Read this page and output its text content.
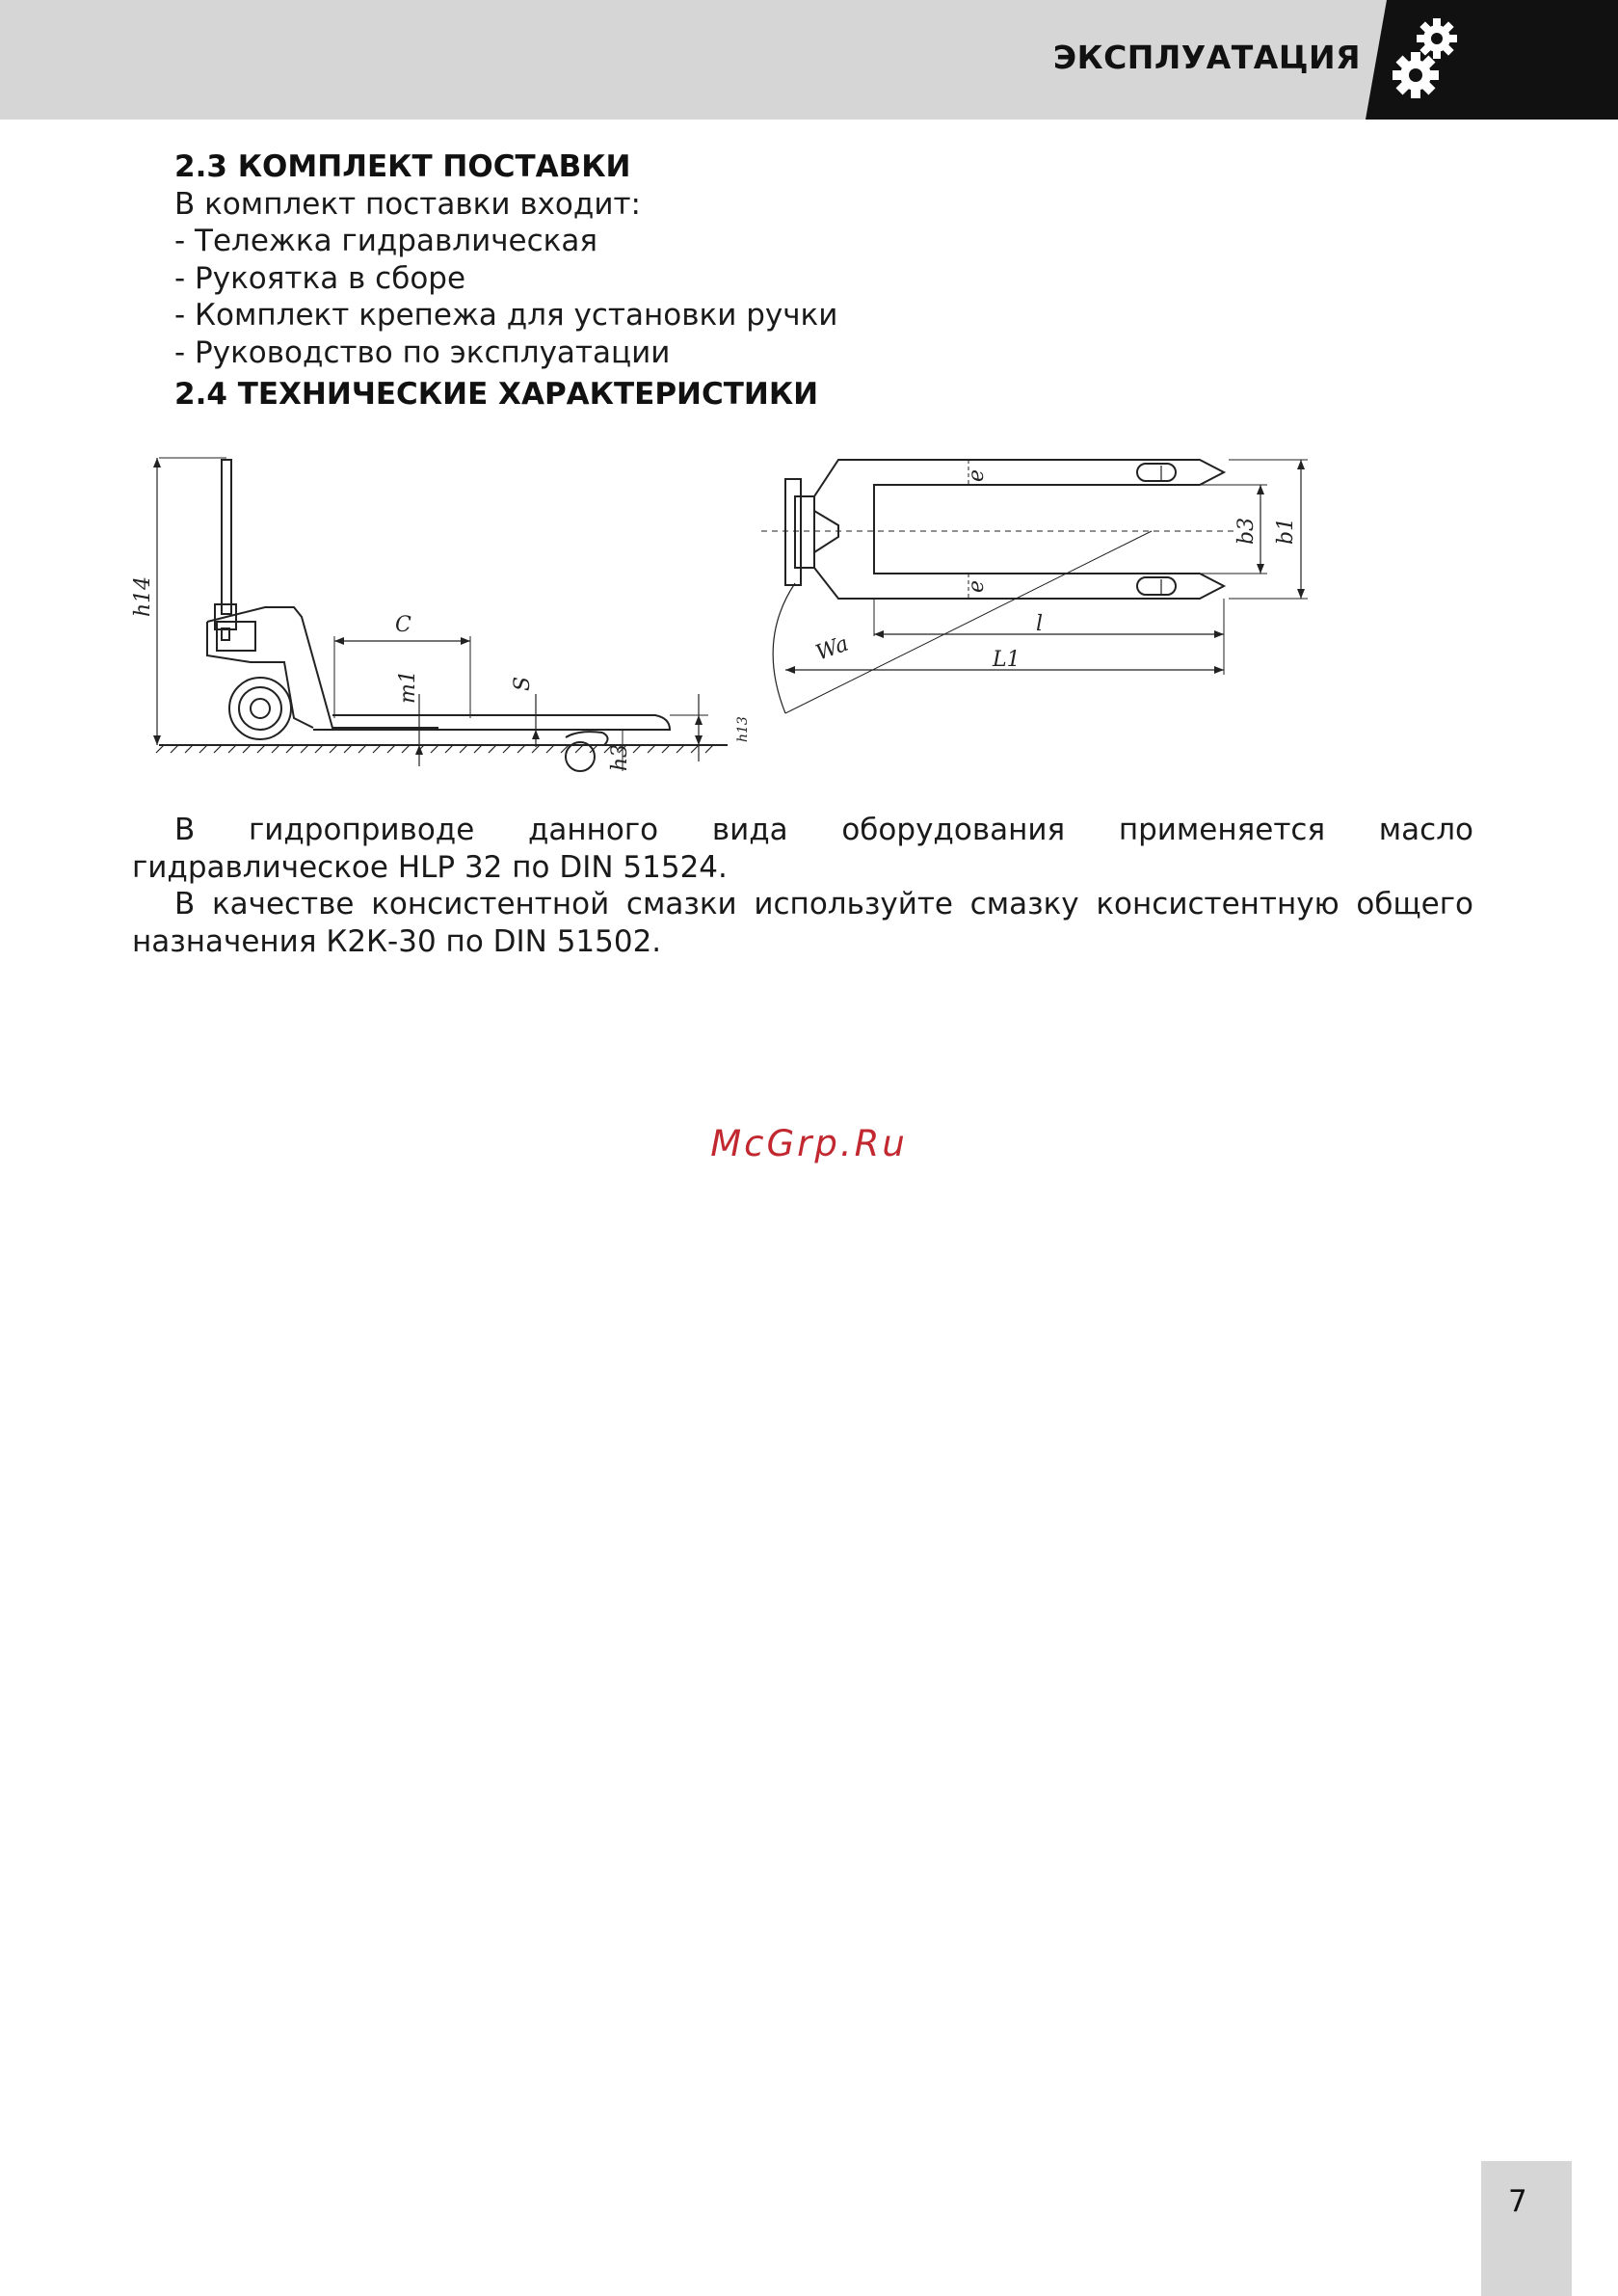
ЭКСПЛУАТАЦИЯ
2.3 КОМПЛЕКТ ПОСТАВКИ
В комплект поставки входит:
- Тележка гидравлическая
- Рукоятка в сборе
- Комплект крепежа для установки ручки
- Руководство по эксплуатации
2.4 ТЕХНИЧЕСКИЕ ХАРАКТЕРИСТИКИ
h14
C
m1	S
h13
h3
e
e
b3 b1
Wa
l
L1
В гидроприводе данного вида оборудования применяется масло гидравлическое HLP 32 по DIN 51524.
В качестве консистентной смазки используйте смазку консистентную общего назначения К2К-30 по DIN 51502.
McGrp.Ru
7
